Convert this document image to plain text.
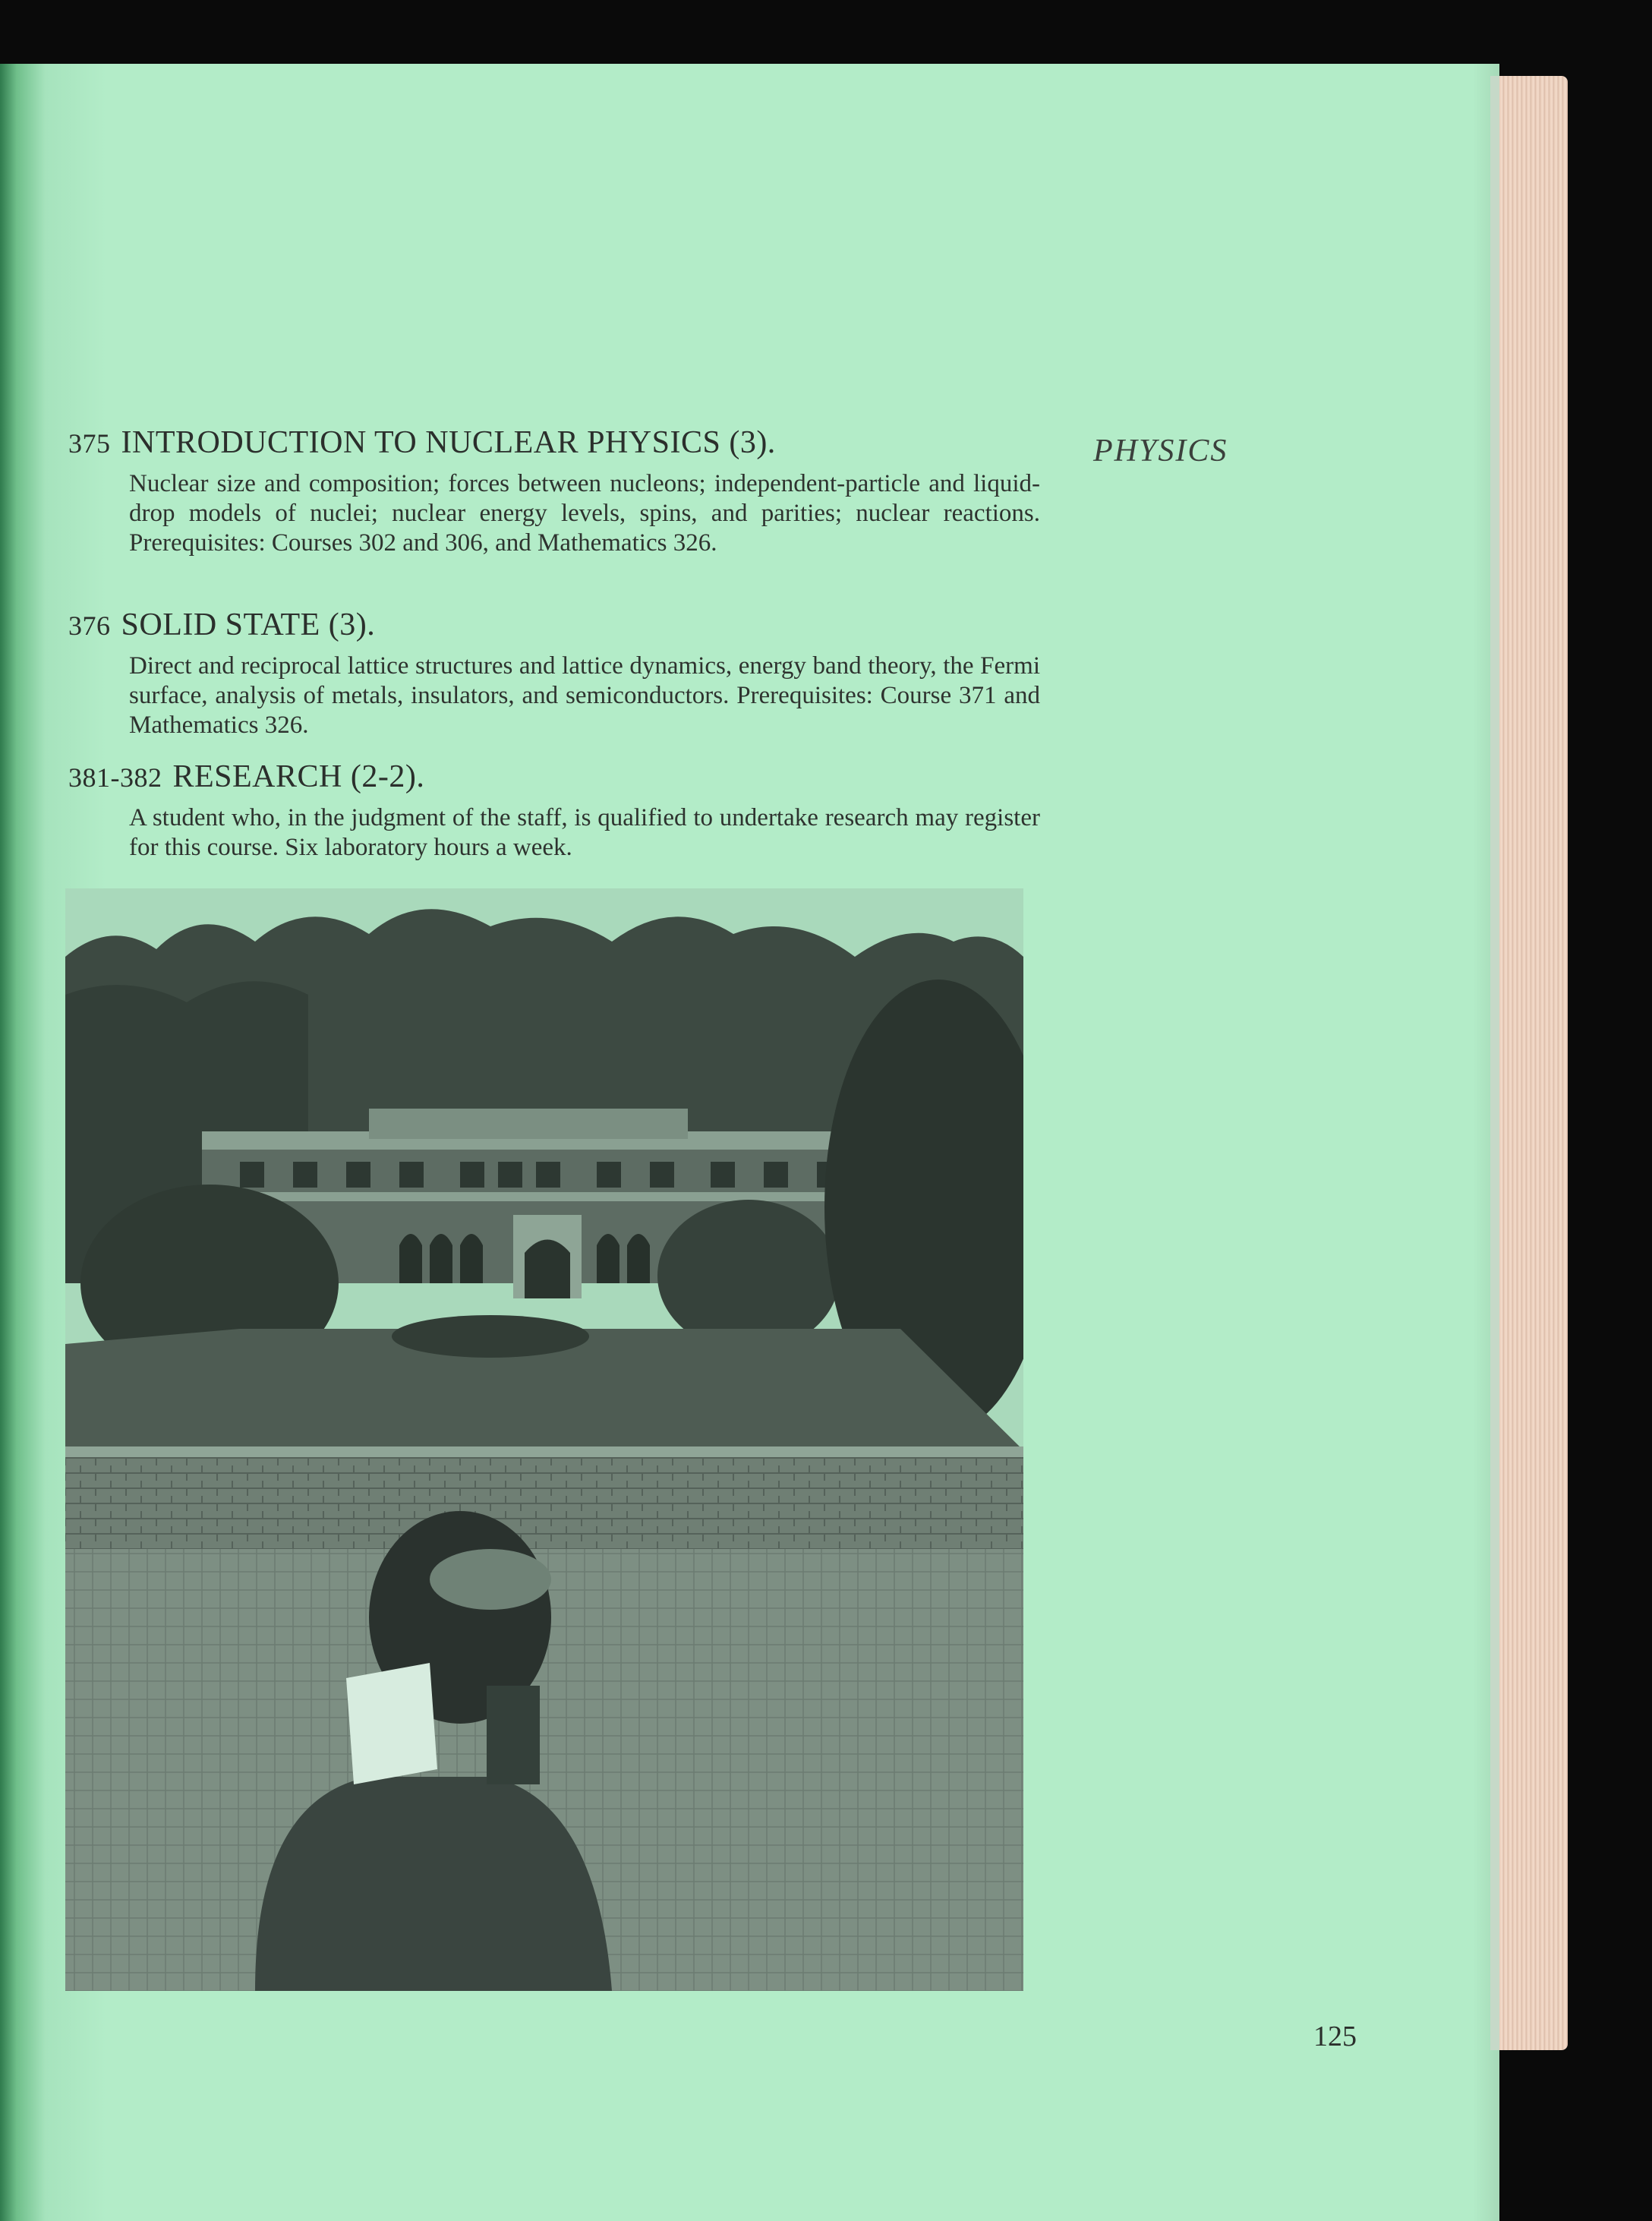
PHYSICS
375 INTRODUCTION TO NUCLEAR PHYSICS (3).
Nuclear size and composition; forces between nucleons; independent-particle and liquid-drop models of nuclei; nuclear energy levels, spins, and parities; nuclear reactions. Prerequisites: Courses 302 and 306, and Mathematics 326.
376 SOLID STATE (3).
Direct and reciprocal lattice structures and lattice dynamics, energy band theory, the Fermi surface, analysis of metals, insulators, and semiconductors. Prerequisites: Course 371 and Mathematics 326.
381-382 RESEARCH (2-2).
A student who, in the judgment of the staff, is qualified to undertake research may register for this course. Six laboratory hours a week.
125
